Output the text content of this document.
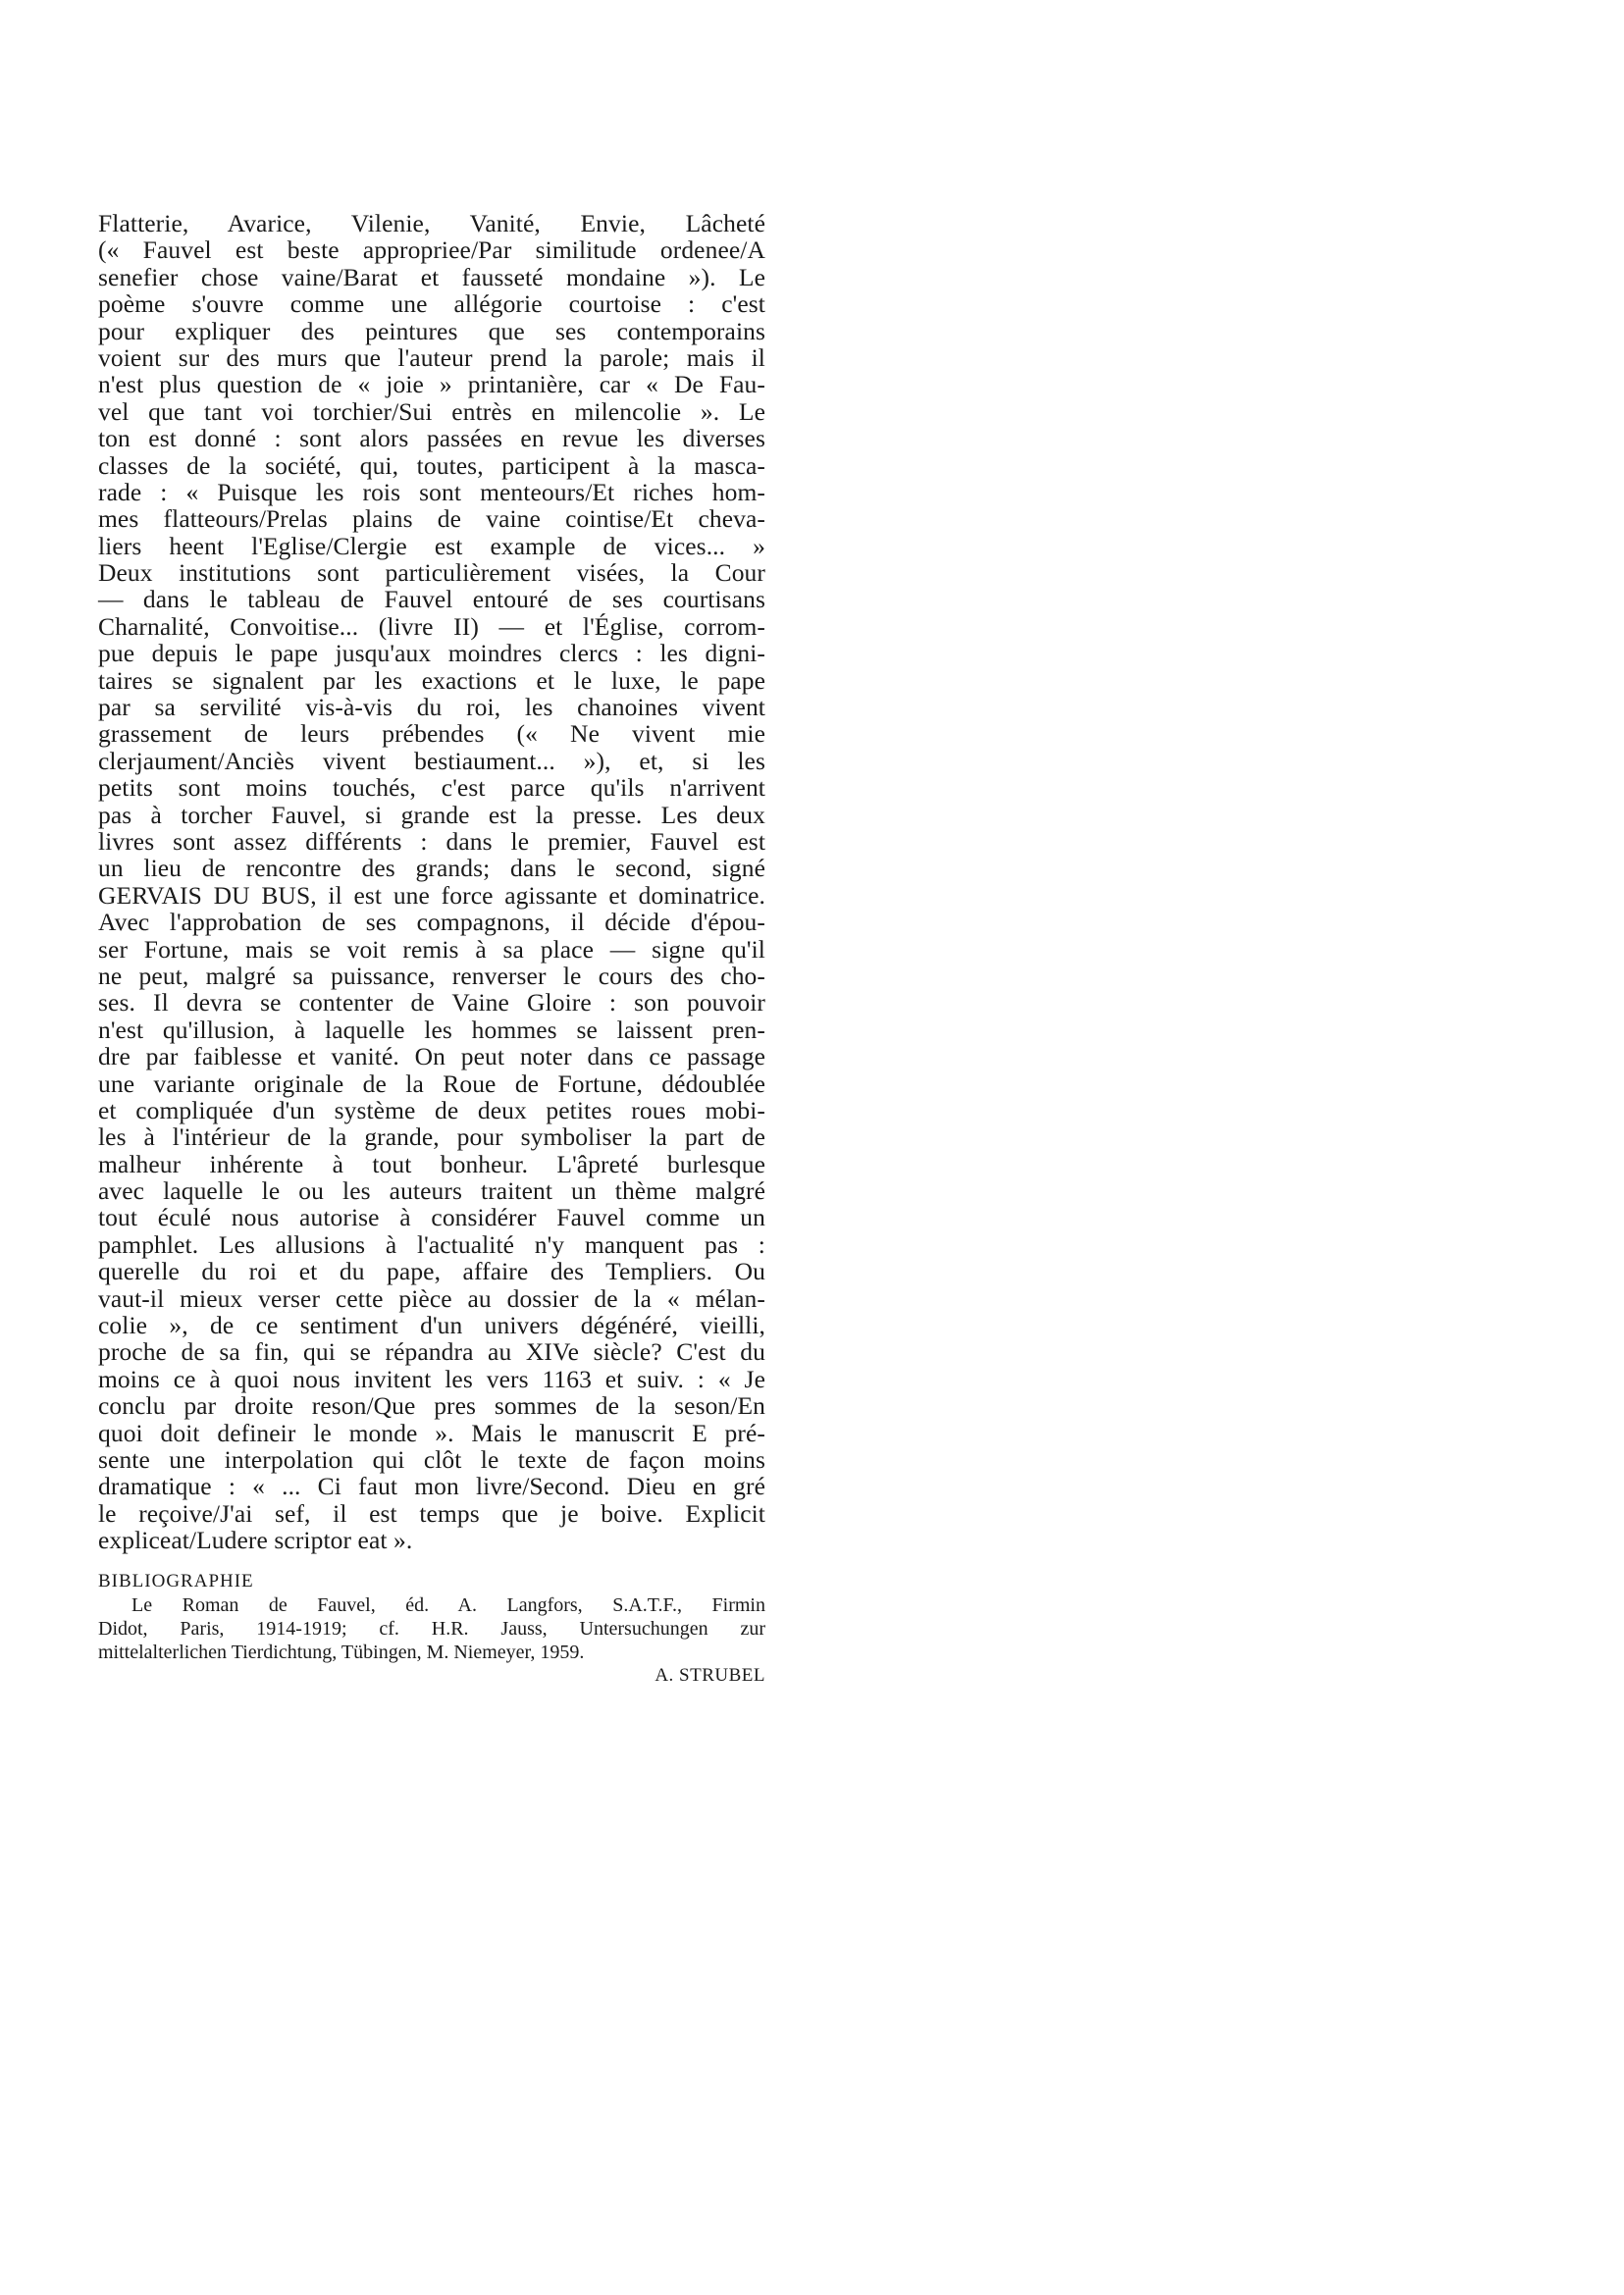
Flatterie, Avarice, Vilenie, Vanité, Envie, Lâcheté
(« Fauvel est beste appropriee/Par similitude ordenee/A
senefier chose vaine/Barat et fausseté mondaine »). Le
poème s'ouvre comme une allégorie courtoise : c'est
pour expliquer des peintures que ses contemporains
voient sur des murs que l'auteur prend la parole; mais il
n'est plus question de « joie » printanière, car « De Fau-
vel que tant voi torchier/Sui entrès en milencolie ». Le
ton est donné : sont alors passées en revue les diverses
classes de la société, qui, toutes, participent à la masca-
rade : « Puisque les rois sont menteours/Et riches hom-
mes flatteours/Prelas plains de vaine cointise/Et cheva-
liers heent l'Eglise/Clergie est example de vices... »
Deux institutions sont particulièrement visées, la Cour
— dans le tableau de Fauvel entouré de ses courtisans
Charnalité, Convoitise... (livre II) — et l'Église, corrom-
pue depuis le pape jusqu'aux moindres clercs : les digni-
taires se signalent par les exactions et le luxe, le pape
par sa servilité vis-à-vis du roi, les chanoines vivent
grassement de leurs prébendes (« Ne vivent mie
clerjaument/Anciès vivent bestiaument... »), et, si les
petits sont moins touchés, c'est parce qu'ils n'arrivent
pas à torcher Fauvel, si grande est la presse. Les deux
livres sont assez différents : dans le premier, Fauvel est
un lieu de rencontre des grands; dans le second, signé
GERVAIS DU BUS, il est une force agissante et dominatrice.
Avec l'approbation de ses compagnons, il décide d'épou-
ser Fortune, mais se voit remis à sa place — signe qu'il
ne peut, malgré sa puissance, renverser le cours des cho-
ses. Il devra se contenter de Vaine Gloire : son pouvoir
n'est qu'illusion, à laquelle les hommes se laissent pren-
dre par faiblesse et vanité. On peut noter dans ce passage
une variante originale de la Roue de Fortune, dédoublée
et compliquée d'un système de deux petites roues mobi-
les à l'intérieur de la grande, pour symboliser la part de
malheur inhérente à tout bonheur. L'âpreté burlesque
avec laquelle le ou les auteurs traitent un thème malgré
tout éculé nous autorise à considérer Fauvel comme un
pamphlet. Les allusions à l'actualité n'y manquent pas :
querelle du roi et du pape, affaire des Templiers. Ou
vaut-il mieux verser cette pièce au dossier de la « mélan-
colie », de ce sentiment d'un univers dégénéré, vieilli,
proche de sa fin, qui se répandra au XIVe siècle? C'est du
moins ce à quoi nous invitent les vers 1163 et suiv. : « Je
conclu par droite reson/Que pres sommes de la seson/En
quoi doit defineir le monde ». Mais le manuscrit E pré-
sente une interpolation qui clôt le texte de façon moins
dramatique : « ... Ci faut mon livre/Second. Dieu en gré
le reçoive/J'ai sef, il est temps que je boive. Explicit
expliceat/Ludere scriptor eat ».
BIBLIOGRAPHIE
Le Roman de Fauvel, éd. A. Langfors, S.A.T.F., Firmin
Didot, Paris, 1914-1919; cf. H.R. Jauss, Untersuchungen zur
mittelalterlichen Tierdichtung, Tübingen, M. Niemeyer, 1959.
A. STRUBEL
